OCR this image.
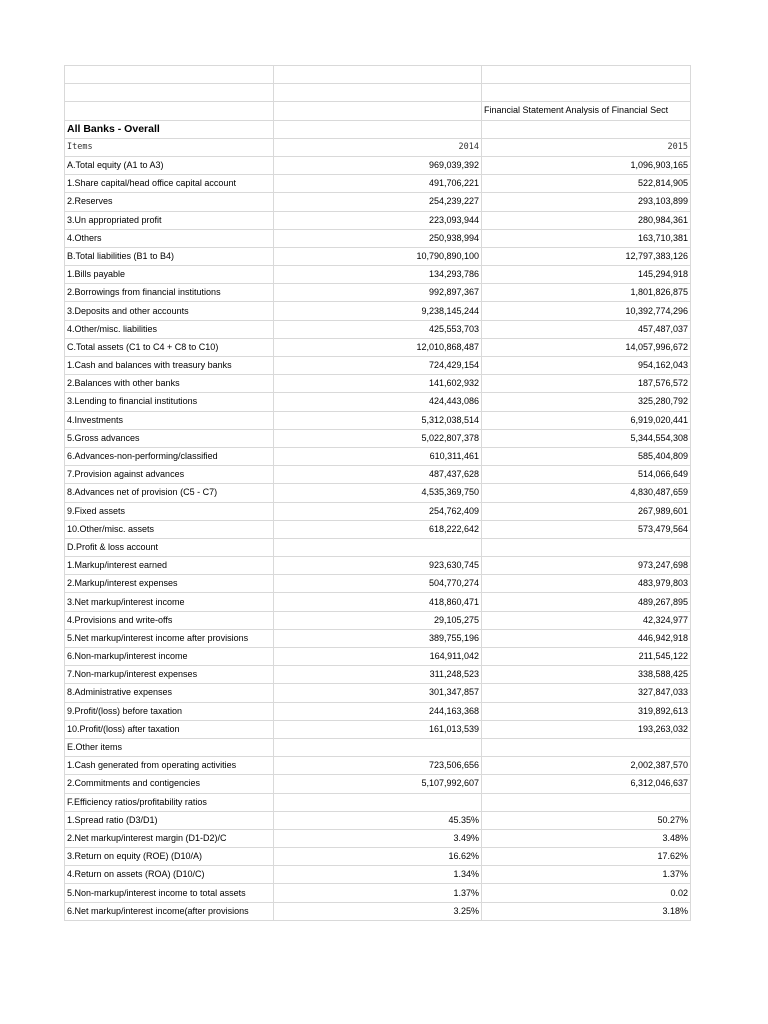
		Financial Statement Analysis of Financial Sect
All Banks - Overall		
Items	2014	2015
A.Total equity (A1 to A3)	969,039,392	1,096,903,165
1.Share capital/head office capital account	491,706,221	522,814,905
2.Reserves	254,239,227	293,103,899
3.Un appropriated profit	223,093,944	280,984,361
4.Others	250,938,994	163,710,381
B.Total liabilities (B1 to B4)	10,790,890,100	12,797,383,126
1.Bills payable	134,293,786	145,294,918
2.Borrowings from financial institutions	992,897,367	1,801,826,875
3.Deposits and other accounts	9,238,145,244	10,392,774,296
4.Other/misc. liabilities	425,553,703	457,487,037
C.Total assets (C1 to C4 + C8 to C10)	12,010,868,487	14,057,996,672
1.Cash and balances with treasury banks	724,429,154	954,162,043
2.Balances with other banks	141,602,932	187,576,572
3.Lending to financial institutions	424,443,086	325,280,792
4.Investments	5,312,038,514	6,919,020,441
5.Gross advances	5,022,807,378	5,344,554,308
6.Advances-non-performing/classified	610,311,461	585,404,809
7.Provision against advances	487,437,628	514,066,649
8.Advances net of provision (C5 - C7)	4,535,369,750	4,830,487,659
9.Fixed assets	254,762,409	267,989,601
10.Other/misc. assets	618,222,642	573,479,564
D.Profit & loss account		
1.Markup/interest earned	923,630,745	973,247,698
2.Markup/interest expenses	504,770,274	483,979,803
3.Net markup/interest income	418,860,471	489,267,895
4.Provisions and write-offs	29,105,275	42,324,977
5.Net markup/interest income after provisions	389,755,196	446,942,918
6.Non-markup/interest income	164,911,042	211,545,122
7.Non-markup/interest expenses	311,248,523	338,588,425
8.Administrative expenses	301,347,857	327,847,033
9.Profit/(loss) before taxation	244,163,368	319,892,613
10.Profit/(loss) after taxation	161,013,539	193,263,032
E.Other items		
1.Cash generated from operating activities	723,506,656	2,002,387,570
2.Commitments and contigencies	5,107,992,607	6,312,046,637
F.Efficiency ratios/profitability ratios		
1.Spread ratio (D3/D1)	45.35%	50.27%
2.Net markup/interest margin (D1-D2)/C	3.49%	3.48%
3.Return on equity (ROE) (D10/A)	16.62%	17.62%
4.Return on assets (ROA) (D10/C)	1.34%	1.37%
5.Non-markup/interest income to total assets	1.37%	0.02
6.Net markup/interest income(after provisions	3.25%	3.18%
